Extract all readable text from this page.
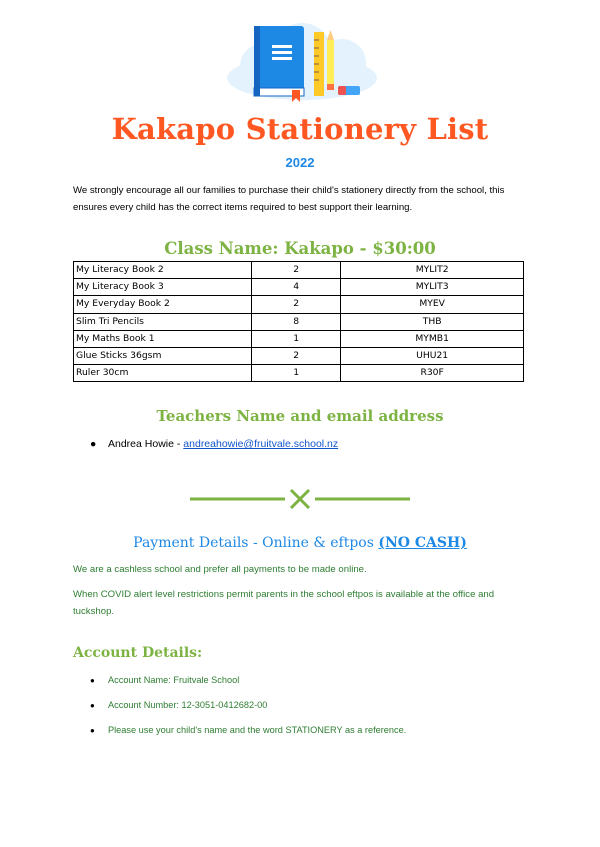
Kakapo Stationery List
2022
We strongly encourage all our families to purchase their child's stationery directly from the school, this ensures every child has the correct items required to best support their learning.
Class Name: Kakapo - $30:00
My Literacy Book 2	2	MYLIT2
My Literacy Book 3	4	MYLIT3
My Everyday Book 2	2	MYEV
Slim Tri Pencils	8	THB
My Maths Book 1	1	MYMB1
Glue Sticks 36gsm	2	UHU21
Ruler 30cm	1	R30F
Teachers Name and email address
● Andrea Howie - andreahowie@fruitvale.school.nz
Payment Details - Online & eftpos (NO CASH)
We are a cashless school and prefer all payments to be made online.
When COVID alert level restrictions permit parents in the school eftpos is available at the office and tuckshop.
Account Details:
● Account Name: Fruitvale School
● Account Number: 12-3051-0412682-00
● Please use your child's name and the word STATIONERY as a reference.
